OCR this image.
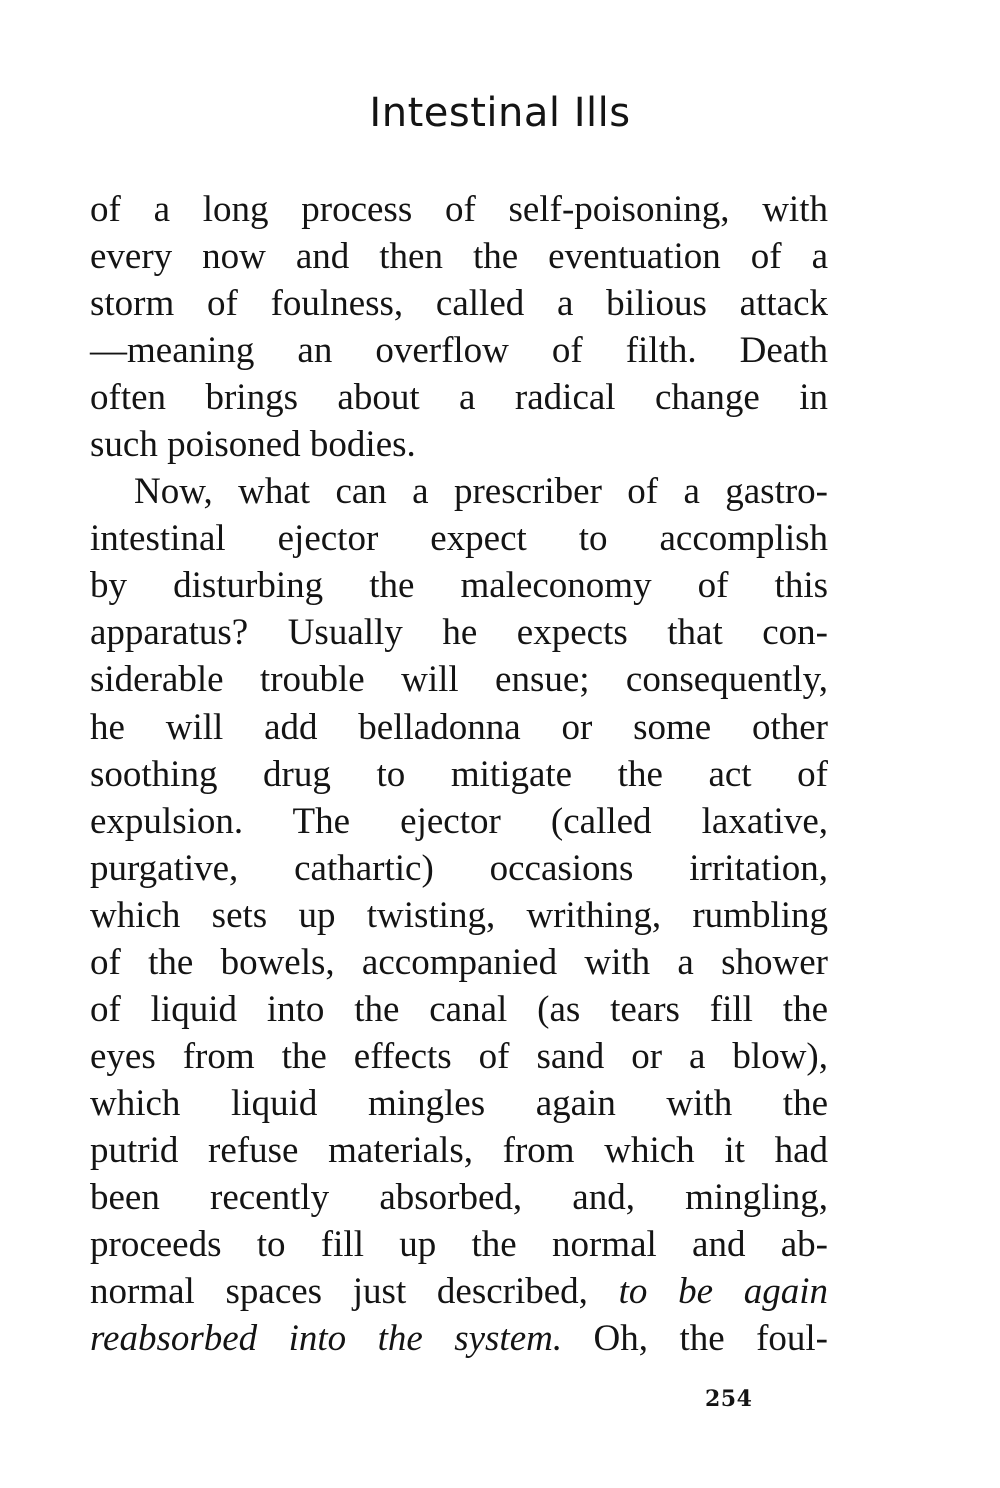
Intestinal Ills
of a long process of self-poisoning, with
every now and then the eventuation of a
storm of foulness, called a bilious attack
—meaning an overflow of filth. Death
often brings about a radical change in
such poisoned bodies.
Now, what can a prescriber of a gastro-
intestinal ejector expect to accomplish
by disturbing the maleconomy of this
apparatus? Usually he expects that con-
siderable trouble will ensue; consequently,
he will add belladonna or some other
soothing drug to mitigate the act of
expulsion. The ejector (called laxative,
purgative, cathartic) occasions irritation,
which sets up twisting, writhing, rumbling
of the bowels, accompanied with a shower
of liquid into the canal (as tears fill the
eyes from the effects of sand or a blow),
which liquid mingles again with the
putrid refuse materials, from which it had
been recently absorbed, and, mingling,
proceeds to fill up the normal and ab-
normal spaces just described, to be again
reabsorbed into the system. Oh, the foul-
254
